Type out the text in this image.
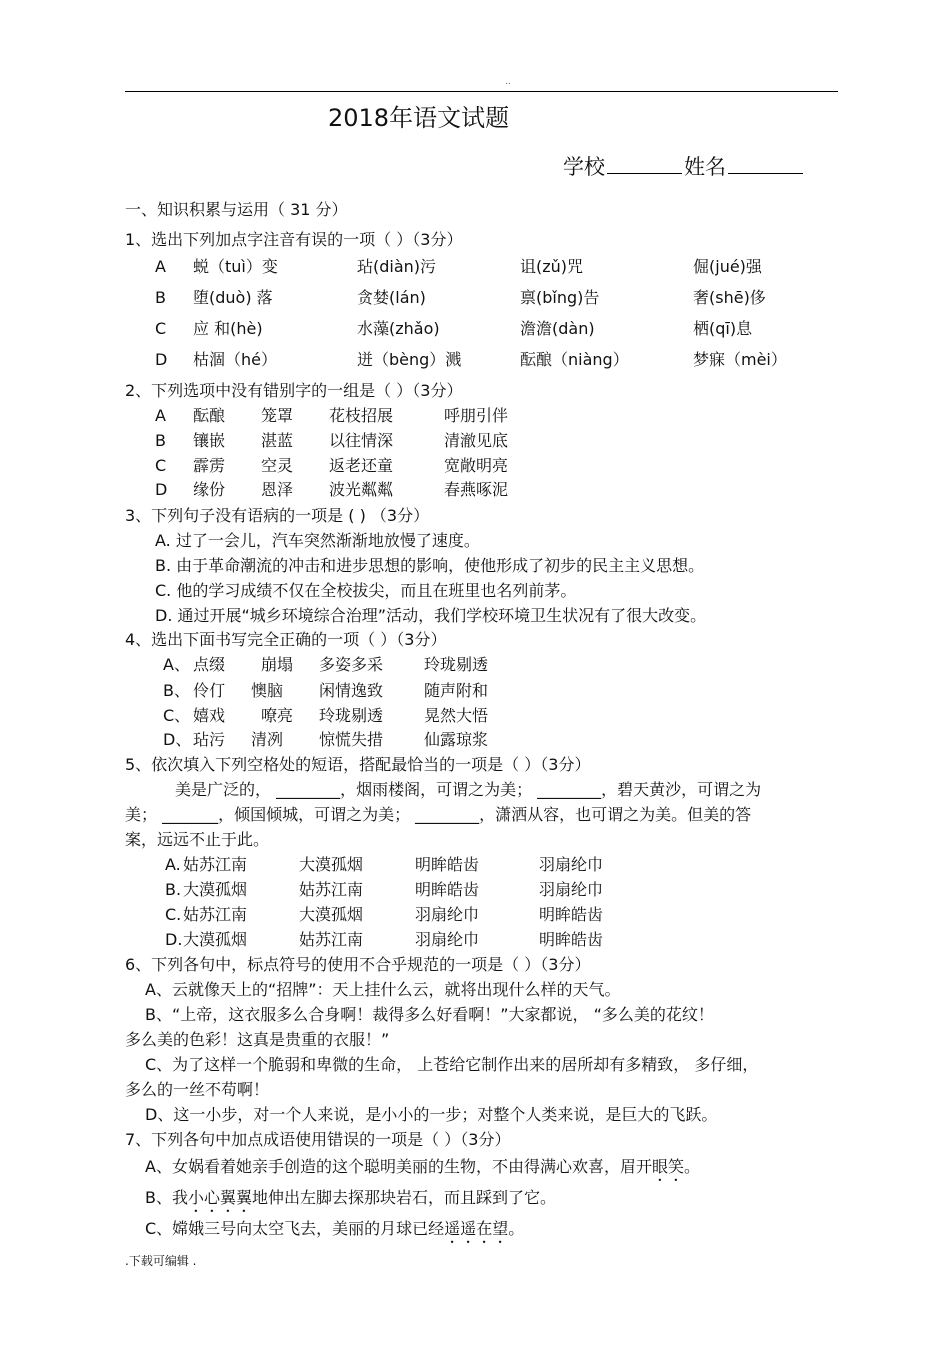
..
2018年语文试题
学校	姓名
一、知识积累与运用（ 31 分）
1、选出下列加点字注音有误的一项（ ）（3分）
A 蜕（tuì）变	玷(diàn)污	诅(zǔ)咒	倔(jué)强
B 堕(duò) 落	贪婪(lán)	禀(bǐng)告	奢(shē)侈
C 应 和(hè)	水藻(zhǎo)	澹澹(dàn)	栖(qī)息
D 枯涸（hé）	迸（bèng）溅	酝酿（niàng）	梦寐（mèi）
2、下列选项中没有错别字的一组是（ ）（3分）
A 酝酿 笼罩 花枝招展	呼朋引伴
B 镶嵌 湛蓝 以往情深	清澈见底
C 霹雳 空灵 返老还童	宽敞明亮
D 缘份 恩泽 波光粼粼	春燕啄泥
3、下列句子没有语病的一项是 ( ) （3分）
A. 过了一会儿，汽车突然渐渐地放慢了速度。
B. 由于革命潮流的冲击和进步思想的影响，使他形成了初步的民主主义思想。
C. 他的学习成绩不仅在全校拔尖，而且在班里也名列前茅。
D. 通过开展“城乡环境综合治理”活动，我们学校环境卫生状况有了很大改变。
4、选出下面书写完全正确的一项（ ）（3分）
A、 点缀 崩塌 多姿多采	玲珑剔透
B、 伶仃 懊脑 闲情逸致	随声附和
C、 嬉戏 嘹亮 玲珑剔透	晃然大悟
D、 玷污 清冽 惊慌失措	仙露琼浆
5、依次填入下列空格处的短语，搭配最恰当的一项是（ ）（3分）
美是广泛的， ________，烟雨楼阁，可谓之为美； ________，碧天黄沙，可谓之为
美； _______，倾国倾城，可谓之为美； ________，潇洒从容，也可谓之为美。但美的答
案，远远不止于此。
A. 姑苏江南	大漠孤烟	明眸皓齿	羽扇纶巾
B. 大漠孤烟	姑苏江南	明眸皓齿	羽扇纶巾
C. 姑苏江南	大漠孤烟	羽扇纶巾	明眸皓齿
D. 大漠孤烟	姑苏江南	羽扇纶巾	明眸皓齿
6、下列各句中，标点符号的使用不合乎规范的一项是（ ）（3分）
A、云就像天上的“招牌”：天上挂什么云，就将出现什么样的天气。
B、“上帝，这衣服多么合身啊！裁得多么好看啊！”大家都说， “多么美的花纹！
多么美的色彩！这真是贵重的衣服！”
C、为了这样一个脆弱和卑微的生命， 上苍给它制作出来的居所却有多精致， 多仔细，
多么的一丝不苟啊！
D、这一小步，对一个人来说，是小小的一步；对整个人类来说，是巨大的飞跃。
7、下列各句中加点成语使用错误的一项是（ ）（3分）
A、女娲看着她亲手创造的这个聪明美丽的生物，不由得满心欢喜，眉开眼笑。
B、我小心翼翼地伸出左脚去探那块岩石，而且踩到了它。
C、嫦娥三号向太空飞去，美丽的月球已经遥遥在望。
.下载可编辑 .
